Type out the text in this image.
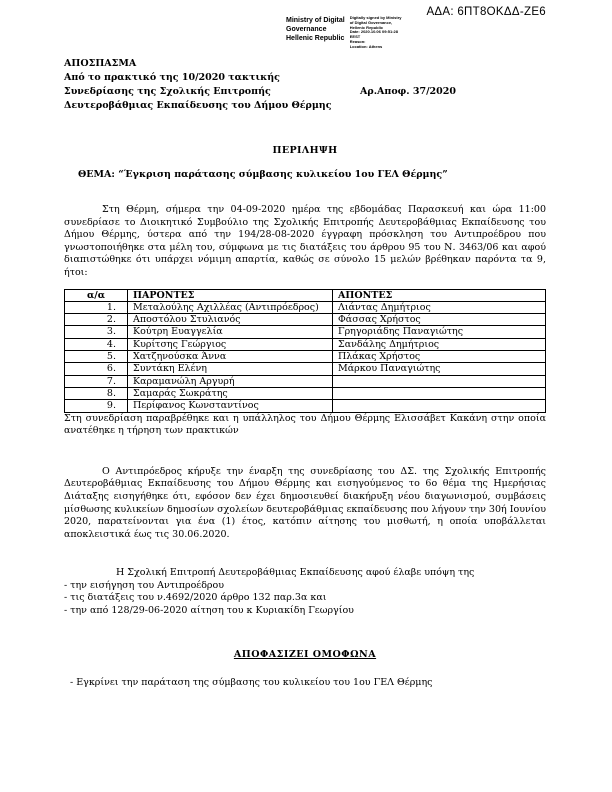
ΑΔΑ: 6ΠΤ8ΟΚΔΔ-ΖΕ6
Ministry of Digital
Governance
Hellenic Republic
Digitally signed by Ministry
of Digital Governance,
Hellenic Republic
Date: 2020.10.06 09:51:28
EEST
Reason:
Location: Athens
ΑΠΟΣΠΑΣΜΑ
Από το πρακτικό της 10/2020 τακτικής
Συνεδρίασης της Σχολικής Επιτροπής
Δευτεροβάθμιας Εκπαίδευσης του Δήμου Θέρμης
Αρ.Αποφ. 37/2020
ΠΕΡΙΛΗΨΗ
ΘΕΜΑ: “Έγκριση παράτασης σύμβασης κυλικείου 1ου ΓΕΛ Θέρμης”
Στη Θέρμη, σήμερα την 04-09-2020 ημέρα της εβδομάδας Παρασκευή και ώρα 11:00 συνεδρίασε το Διοικητικό Συμβούλιο της Σχολικής Επιτροπής Δευτεροβάθμιας Εκπαίδευσης του Δήμου Θέρμης, ύστερα από την 194/28-08-2020 έγγραφη πρόσκληση του Αντιπροέδρου που γνωστοποιήθηκε στα μέλη του, σύμφωνα με τις διατάξεις του άρθρου 95 του Ν. 3463/06 και αφού διαπιστώθηκε ότι υπάρχει νόμιμη απαρτία, καθώς σε σύνολο 15 μελών βρέθηκαν παρόντα τα 9, ήτοι:
α/α	ΠΑΡΟΝΤΕΣ	ΑΠΟΝΤΕΣ
1.	Μεταλούλης Αχιλλέας (Αντιπρόεδρος)	Λιάντας Δημήτριος
2.	Αποστόλου Στυλιανός	Φάσσας Χρήστος
3.	Κούτρη Ευαγγελία	Γρηγοριάδης Παναγιώτης
4.	Κυρίτσης Γεώργιος	Σανδάλης Δημήτριος
5.	Χατζηνούσκα Άννα	Πλάκας Χρήστος
6.	Συντάκη Ελένη	Μάρκου Παναγιώτης
7.	Καραμανώλη Αργυρή	
8.	Σαμαράς Σωκράτης	
9.	Περίφανος Κωνσταντίνος	
Στη συνεδρίαση παραβρέθηκε και η υπάλληλος του Δήμου Θέρμης Ελισσάβετ Κακάνη στην οποία ανατέθηκε η τήρηση των πρακτικών
Ο Αντιπρόεδρος κήρυξε την έναρξη της συνεδρίασης του ΔΣ. της Σχολικής Επιτροπής Δευτεροβάθμιας Εκπαίδευσης του Δήμου Θέρμης και εισηγούμενος το 6ο θέμα της Ημερήσιας Διάταξης εισηγήθηκε ότι, εφόσον δεν έχει δημοσιευθεί διακήρυξη νέου διαγωνισμού, συμβάσεις μίσθωσης κυλικείων δημοσίων σχολείων δευτεροβάθμιας εκπαίδευσης που λήγουν την 30ή Ιουνίου 2020, παρατείνονται για ένα (1) έτος, κατόπιν αίτησης του μισθωτή, η οποία υποβάλλεται αποκλειστικά έως τις 30.06.2020.
Η Σχολική Επιτροπή Δευτεροβάθμιας Εκπαίδευσης αφού έλαβε υπόψη της
- την εισήγηση του Αντιπροέδρου
- τις διατάξεις του ν.4692/2020 άρθρο 132 παρ.3α και
- την από 128/29-06-2020 αίτηση του κ Κυριακίδη Γεωργίου
ΑΠΟΦΑΣΙΖΕΙ ΟΜΟΦΩΝΑ
- Εγκρίνει την παράταση της σύμβασης του κυλικείου του 1ου ΓΕΛ Θέρμης
